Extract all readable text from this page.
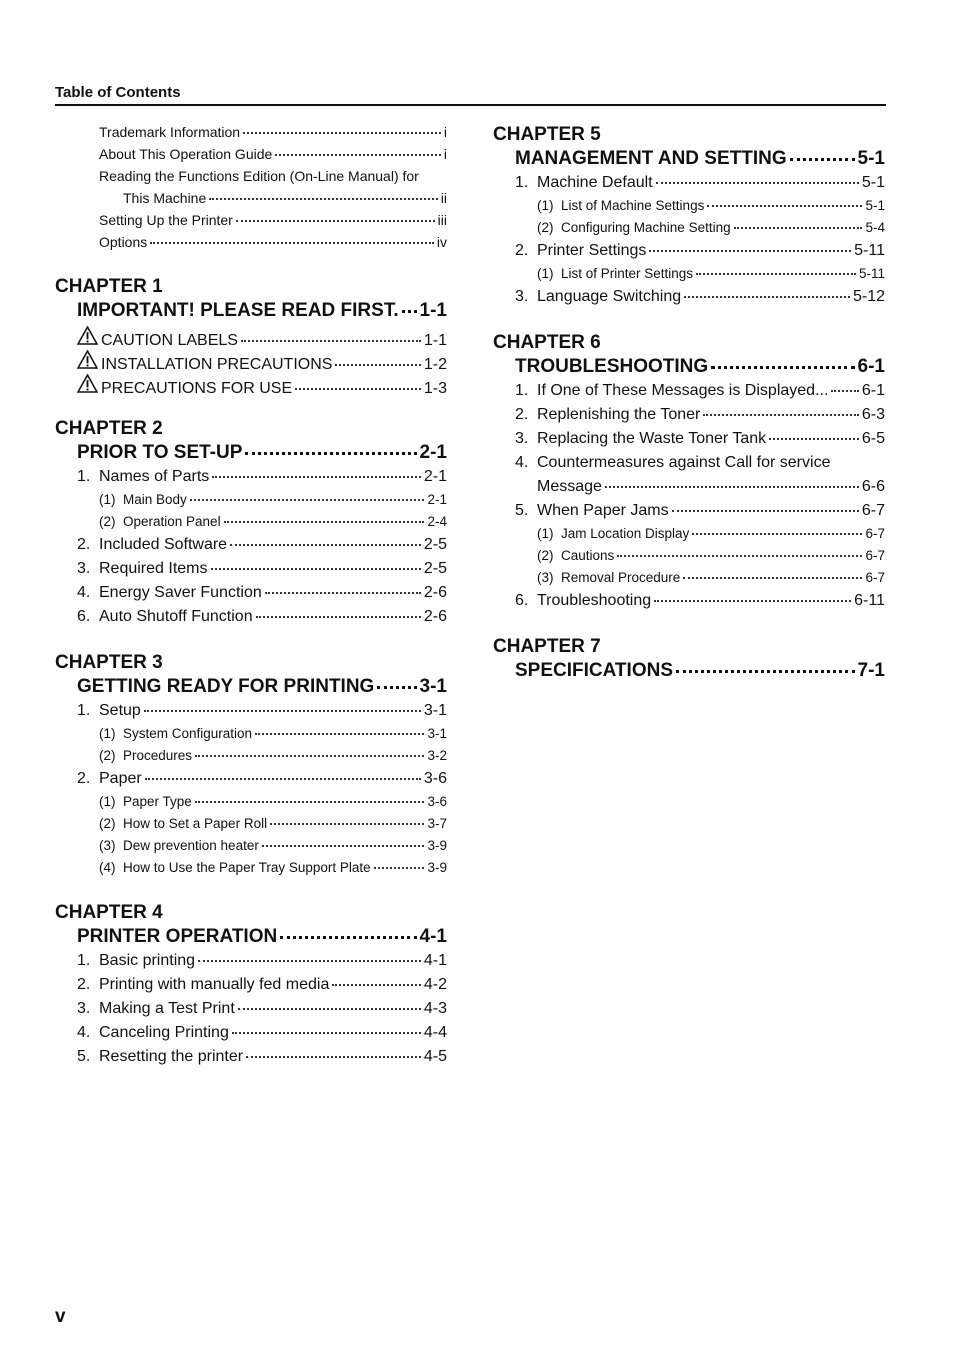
Table of Contents
Trademark Information	i
About This Operation Guide	i
Reading the Functions Edition (On-Line Manual) for
This Machine	ii
Setting Up the Printer	iii
Options	iv
CHAPTER 1
IMPORTANT! PLEASE READ FIRST. 1-1
CAUTION LABELS	1-1
INSTALLATION PRECAUTIONS	1-2
PRECAUTIONS FOR USE	1-3
CHAPTER 2
PRIOR TO SET-UP	2-1
1. Names of Parts	2-1
(1) Main Body	2-1
(2) Operation Panel	2-4
2. Included Software	2-5
3. Required Items	2-5
4. Energy Saver Function	2-6
6. Auto Shutoff Function	2-6
CHAPTER 3
GETTING READY FOR PRINTING 3-1
1. Setup	3-1
(1) System Configuration	3-1
(2) Procedures	3-2
2. Paper	3-6
(1) Paper Type	3-6
(2) How to Set a Paper Roll	3-7
(3) Dew prevention heater	3-9
(4) How to Use the Paper Tray Support Plate	3-9
CHAPTER 4
PRINTER OPERATION	4-1
1. Basic printing	4-1
2. Printing with manually fed media	4-2
3. Making a Test Print	4-3
4. Canceling Printing	4-4
5. Resetting the printer	4-5
CHAPTER 5
MANAGEMENT AND SETTING	5-1
1. Machine Default	5-1
(1) List of Machine Settings	5-1
(2) Configuring Machine Setting	5-4
2. Printer Settings	5-11
(1) List of Printer Settings	5-11
3. Language Switching	5-12
CHAPTER 6
TROUBLESHOOTING	6-1
1. If One of These Messages is Displayed... 6-1
2. Replenishing the Toner	6-3
3. Replacing the Waste Toner Tank	6-5
4. Countermeasures against Call for service
Message	6-6
5. When Paper Jams	6-7
(1) Jam Location Display	6-7
(2) Cautions	6-7
(3) Removal Procedure	6-7
6. Troubleshooting	6-11
CHAPTER 7
SPECIFICATIONS	7-1
v
